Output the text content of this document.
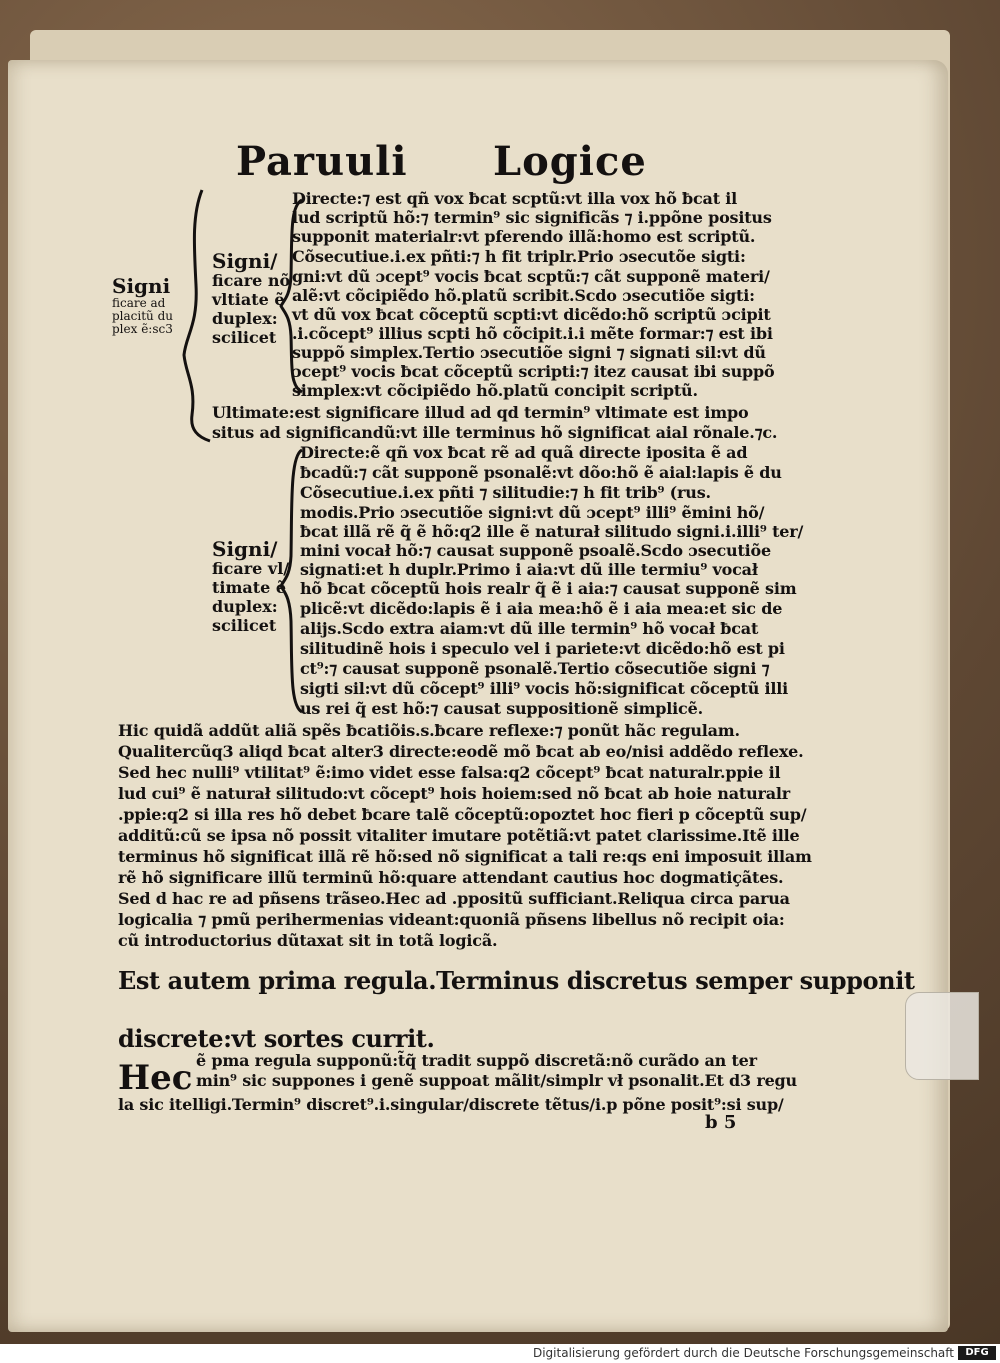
Paruuli Logice
Signi/
ficare nõ
vltiate ẽ
duplex:
scilicet
Signi
ficare ad
placitũ du
plex ẽ:sc3
Signi/
ficare vl/
timate ẽ
duplex:
scilicet
Directe:⁊ est qñ vox ƀcat scptũ:vt illa vox hõ ƀcat il
lud scriptũ hõ:⁊ termin⁹ sic significãs ⁊ i.ppõne positus
supponit materialr:vt pferendo illã:homo est scriptũ.
Cõsecutiue.i.ex pñti:⁊ h fit triplr.Prio ɔsecutõe sigti:
gni:vt dũ ɔcept⁹ vocis ƀcat scptũ:⁊ cãt supponẽ materi/
alẽ:vt cõcipiẽdo hõ.platũ scribit.Scdo ɔsecutiõe sigti:
vt dũ vox ƀcat cõceptũ scpti:vt dicẽdo:hõ scriptũ ɔcipit
.i.cõcept⁹ illius scpti hõ cõcipit.i.i mẽte formar:⁊ est ibi
suppõ simplex.Tertio ɔsecutiõe signi ⁊ signati sil:vt dũ
ɔcept⁹ vocis ƀcat cõceptũ scripti:⁊ itez causat ibi suppõ
simplex:vt cõcipiẽdo hõ.platũ concipit scriptũ.
Ultimate:est significare illud ad qd termin⁹ vltimate est impo
situs ad significandũ:vt ille terminus hõ significat aial rõnale.⁊c.
Directe:ẽ qñ vox ƀcat rẽ ad quã directe iposita ẽ ad
ƀcadũ:⁊ cãt supponẽ psonalẽ:vt dõo:hõ ẽ aial:lapis ẽ du
Cõsecutiue.i.ex pñti ⁊ silitudie:⁊ h fit trib⁹ (rus.
modis.Prio ɔsecutiõe signi:vt dũ ɔcept⁹ illi⁹ ẽmini hõ/
ƀcat illã rẽ q̃ ẽ hõ:q2 ille ẽ naturał silitudo signi.i.illi⁹ ter/
mini vocał hõ:⁊ causat supponẽ psoalẽ.Scdo ɔsecutiõe
signati:et h duplr.Primo i aia:vt dũ ille termiu⁹ vocał
hõ ƀcat cõceptũ hois realr q̃ ẽ i aia:⁊ causat supponẽ sim
plicẽ:vt dicẽdo:lapis ẽ i aia mea:hõ ẽ i aia mea:et sic de
alijs.Scdo extra aiam:vt dũ ille termin⁹ hõ vocał ƀcat
silitudinẽ hois i speculo vel i pariete:vt dicẽdo:hõ est pi
ct⁹:⁊ causat supponẽ psonalẽ.Tertio cõsecutiõe signi ⁊
sigti sil:vt dũ cõcept⁹ illi⁹ vocis hõ:significat cõceptũ illi
us rei q̃ est hõ:⁊ causat suppositionẽ simplicẽ.
Hic quidã addũt aliã spẽs ƀcatiõis.s.ƀcare reflexe:⁊ ponũt hãc regulam.
Qualitercũq3 aliqd ƀcat alter3 directe:eodẽ mõ ƀcat ab eo/nisi addẽdo reflexe.
Sed hec nulli⁹ vtilitat⁹ ẽ:imo videt esse falsa:q2 cõcept⁹ ƀcat naturalr.ppie il
lud cui⁹ ẽ naturał silitudo:vt cõcept⁹ hois hoiem:sed nõ ƀcat ab hoie naturalr
.ppie:q2 si illa res hõ debet ƀcare talẽ cõceptũ:opoztet hoc fieri p cõceptũ sup/
additũ:cũ se ipsa nõ possit vitaliter imutare potẽtiã:vt patet clarissime.Itẽ ille
terminus hõ significat illã rẽ hõ:sed nõ significat a tali re:qs eni imposuit illam
rẽ hõ significare illũ terminũ hõ:quare attendant cautius hoc dogmatiçãtes.
Sed d hac re ad pñsens trãseo.Hec ad .ppositũ sufficiant.Reliqua circa parua
logicalia ⁊ pmũ perihermenias videant:quoniã pñsens libellus nõ recipit oia:
cũ introductorius dũtaxat sit in totã logicã.
Est autem prima regula.Terminus discretus semper supponit
discrete:vt sortes currit.
Hec ẽ pma regula supponũ:t̃q̃ tradit suppõ discretã:nõ curãdo an ter
min⁹ sic suppones i genẽ suppoat mãlit/simplr vł psonalit.Et d3 regu
la sic itelligi.Termin⁹ discret⁹.i.singular/discrete tẽtus/i.p põne posit⁹:si sup/
b 5
Digitalisierung gefördert durch die Deutsche Forschungsgemeinschaft	DFG
